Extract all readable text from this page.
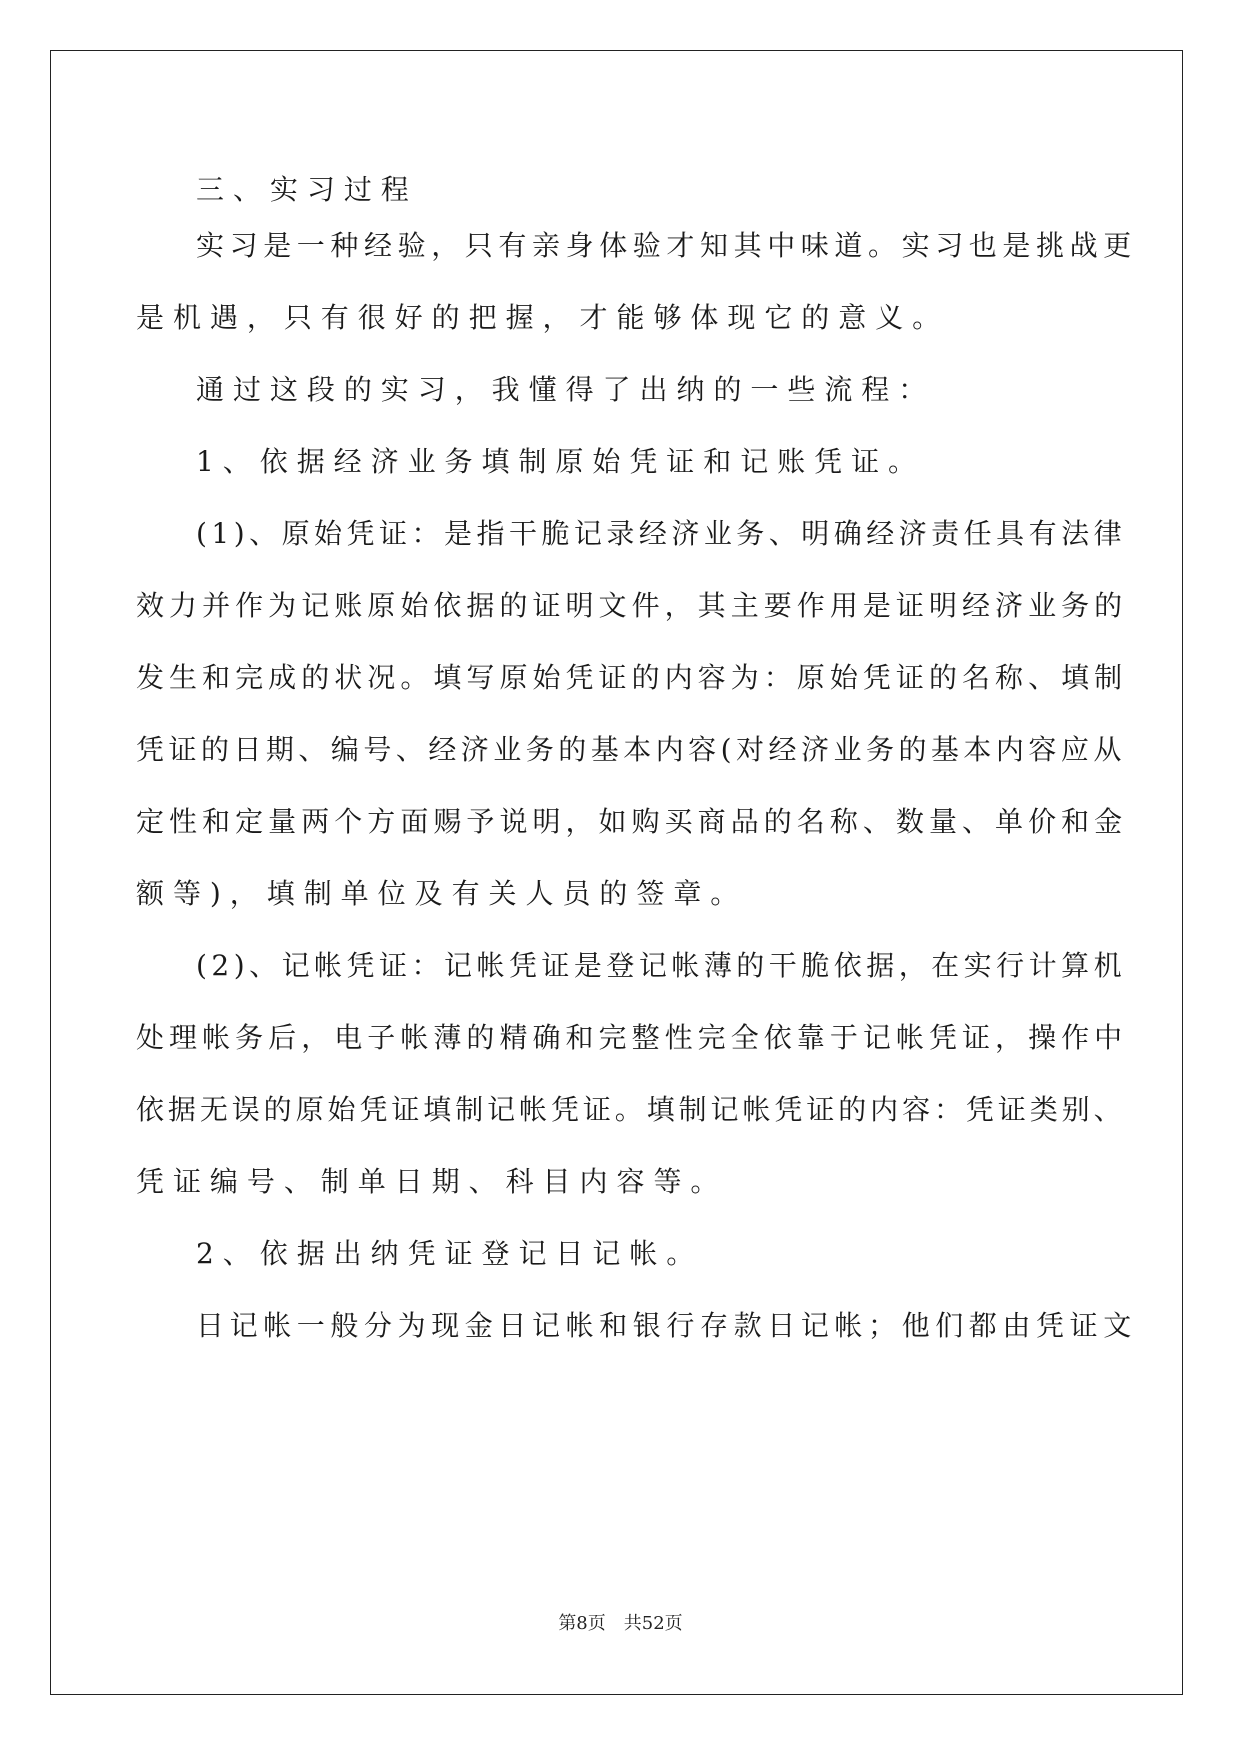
三、实习过程
实习是一种经验，只有亲身体验才知其中味道。实习也是挑战更
是机遇，只有很好的把握，才能够体现它的意义。
通过这段的实习，我懂得了出纳的一些流程：
1、依据经济业务填制原始凭证和记账凭证。
(1)、原始凭证：是指干脆记录经济业务、明确经济责任具有法律
效力并作为记账原始依据的证明文件，其主要作用是证明经济业务的
发生和完成的状况。填写原始凭证的内容为：原始凭证的名称、填制
凭证的日期、编号、经济业务的基本内容(对经济业务的基本内容应从
定性和定量两个方面赐予说明，如购买商品的名称、数量、单价和金
额等)，填制单位及有关人员的签章。
(2)、记帐凭证：记帐凭证是登记帐薄的干脆依据，在实行计算机
处理帐务后，电子帐薄的精确和完整性完全依靠于记帐凭证，操作中
依据无误的原始凭证填制记帐凭证。填制记帐凭证的内容：凭证类别、
凭证编号、制单日期、科目内容等。
2、依据出纳凭证登记日记帐。
日记帐一般分为现金日记帐和银行存款日记帐；他们都由凭证文
第8页 共52页
